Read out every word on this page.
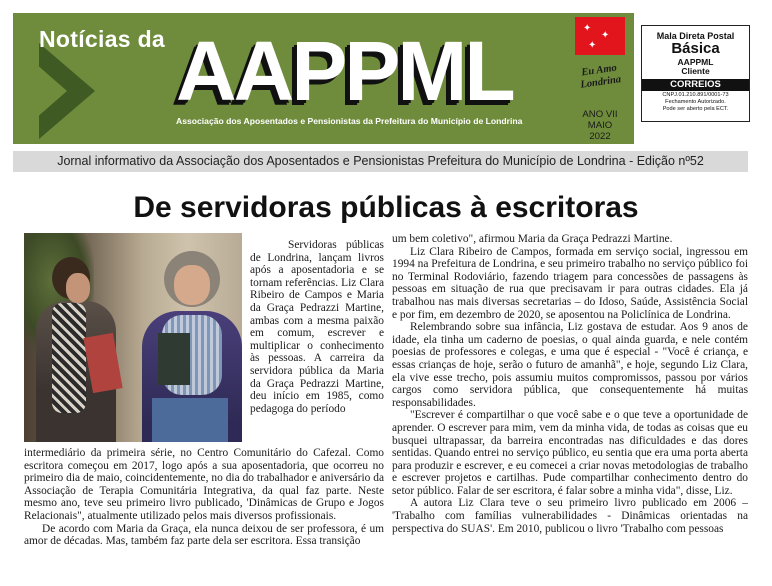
Notícias da AAPPML
Associação dos Aposentados e Pensionistas da Prefeitura do Município de Londrina
✦
✦
✦
Eu Amo
Londrina
ANO VII
MAIO
2022
Mala Direta Postal
Básica
AAPPML
Cliente
CORREIOS
CNPJ.01.210.891/0001-73
Fechamento Autorizado.
Pode ser aberto pela ECT.
Jornal informativo da Associação dos Aposentados e Pensionistas Prefeitura do Município de Londrina - Edição nº52
De servidoras públicas à escritoras

Servidoras públicas de Londrina, lançam livros após a aposentadoria e se tornam referências. Liz Clara Ribeiro de Campos e Maria da Graça Pedrazzi Martine, ambas com a mesma paixão em comum, escrever e multiplicar o conhecimento às pessoas. A carreira da servidora pública da Maria da Graça Pedrazzi Martine, deu início em 1985, como pedagoga do período

intermediário da primeira série, no Centro Comunitário do Cafezal. Como escritora começou em 2017, logo após a sua aposentadoria, que ocorreu no primeiro dia de maio, coincidentemente, no dia do trabalhador e aniversário da Associação de Terapia Comunitária Integrativa, da qual faz parte. Neste mesmo ano, teve seu primeiro livro publicado, 'Dinâmicas de Grupo e Jogos Relacionais", atualmente utilizado pelos mais diversos profissionais.

De acordo com Maria da Graça, ela nunca deixou de ser professora, é um amor de décadas. Mas, também faz parte dela ser escritora. Essa transição

um bem coletivo", afirmou Maria da Graça Pedrazzi Martine.

Liz Clara Ribeiro de Campos, formada em serviço social, ingressou em 1994 na Prefeitura de Londrina, e seu primeiro trabalho no serviço público foi no Terminal Rodoviário, fazendo triagem para concessões de passagens às pessoas em situação de rua que precisavam ir para outras cidades. Ela já trabalhou nas mais diversas secretarias – do Idoso, Saúde, Assistência Social e por fim, em dezembro de 2020, se aposentou na Policlínica de Londrina.

Relembrando sobre sua infância, Liz gostava de estudar. Aos 9 anos de idade, ela tinha um caderno de poesias, o qual ainda guarda, e nele contém poesias de professores e colegas, e uma que é especial - "Você é criança, e essas crianças de hoje, serão o futuro de amanhã", e hoje, segundo Liz Clara, ela vive esse trecho, pois assumiu muitos compromissos, passou por vários cargos como servidora pública, que consequentemente há muitas responsabilidades.

"Escrever é compartilhar o que você sabe e o que teve a oportunidade de aprender. O escrever para mim, vem da minha vida, de todas as coisas que eu busquei ultrapassar, da barreira encontradas nas dificuldades e das dores sentidas. Quando entrei no serviço público, eu sentia que era uma porta aberta para produzir e escrever, e eu comecei a criar novas metodologias de trabalho e escrever projetos e cartilhas. Pude compartilhar conhecimento dentro do setor público. Falar de ser escritora, é falar sobre a minha vida", disse, Liz.

A autora Liz Clara teve o seu primeiro livro publicado em 2006 – 'Trabalho com famílias vulnerabilidades - Dinâmicas orientadas na perspectiva do SUAS'. Em 2010, publicou o livro 'Trabalho com pessoas
